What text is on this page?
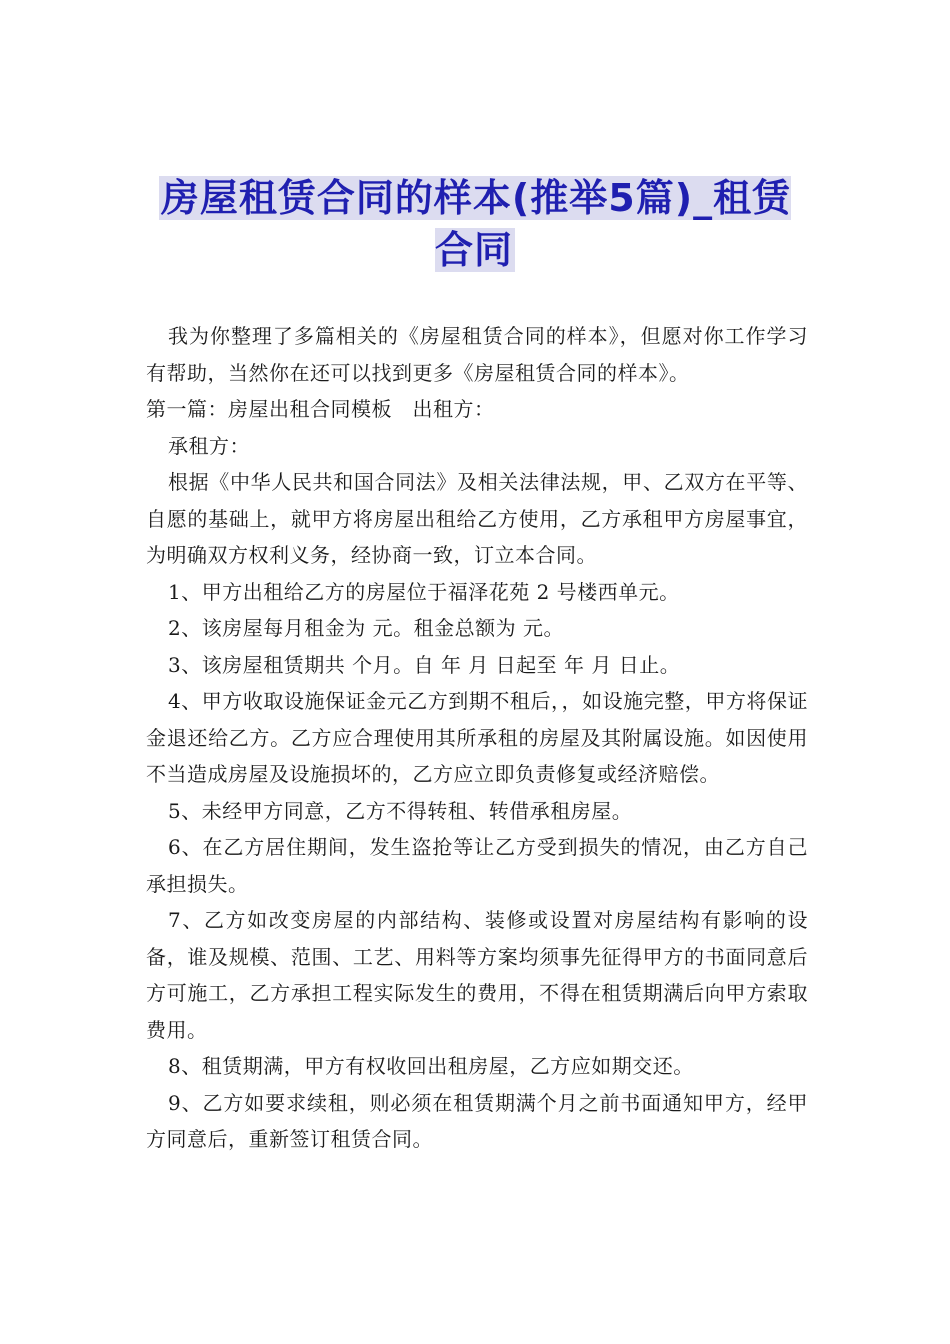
房屋租赁合同的样本(推举5篇)_租赁合同

我为你整理了多篇相关的《房屋租赁合同的样本》，但愿对你工作学习有帮助，当然你在还可以找到更多《房屋租赁合同的样本》。

第一篇：房屋出租合同模板　出租方：

承租方：

根据《中华人民共和国合同法》及相关法律法规，甲、乙双方在平等、自愿的基础上，就甲方将房屋出租给乙方使用，乙方承租甲方房屋事宜，为明确双方权利义务，经协商一致，订立本合同。

1、甲方出租给乙方的房屋位于福泽花苑 2 号楼西单元。

2、该房屋每月租金为 元。租金总额为 元。

3、该房屋租赁期共 个月。自 年 月 日起至 年 月 日止。

4、甲方收取设施保证金元乙方到期不租后，，如设施完整，甲方将保证金退还给乙方。乙方应合理使用其所承租的房屋及其附属设施。如因使用不当造成房屋及设施损坏的，乙方应立即负责修复或经济赔偿。

5、未经甲方同意，乙方不得转租、转借承租房屋。

6、在乙方居住期间，发生盗抢等让乙方受到损失的情况，由乙方自己承担损失。

7、乙方如改变房屋的内部结构、装修或设置对房屋结构有影响的设备，谁及规模、范围、工艺、用料等方案均须事先征得甲方的书面同意后方可施工，乙方承担工程实际发生的费用，不得在租赁期满后向甲方索取费用。

8、租赁期满，甲方有权收回出租房屋，乙方应如期交还。

9、乙方如要求续租，则必须在租赁期满个月之前书面通知甲方，经甲方同意后，重新签订租赁合同。
